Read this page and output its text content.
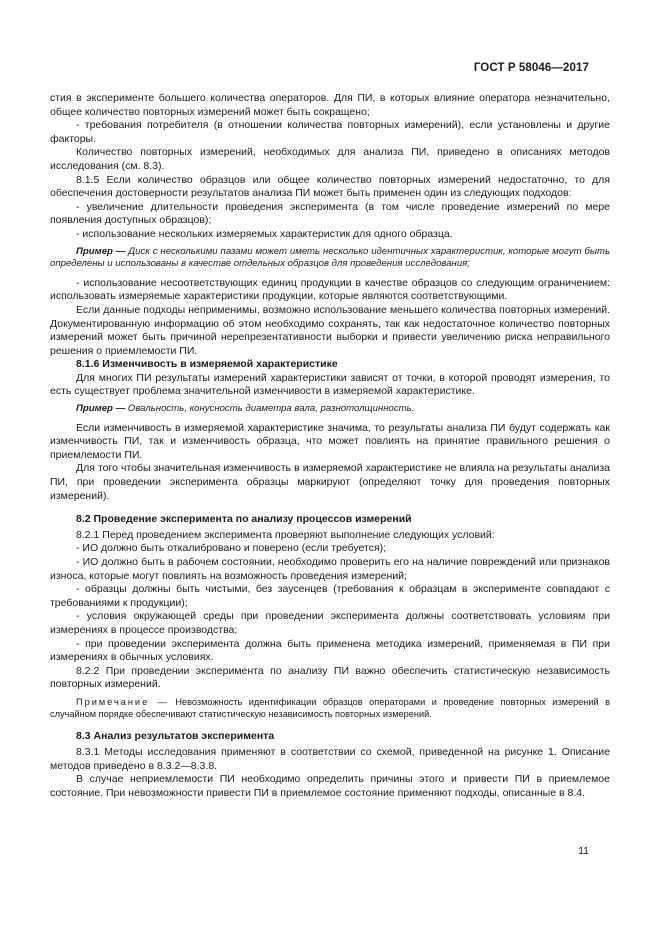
ГОСТ Р 58046—2017

стия в эксперименте большего количества операторов. Для ПИ, в которых влияние оператора незначительно, общее количество повторных измерений может быть сокращено;

- требования потребителя (в отношении количества повторных измерений), если установлены и другие факторы.

Количество повторных измерений, необходимых для анализа ПИ, приведено в описаниях методов исследования (см. 8.3).

8.1.5 Если количество образцов или общее количество повторных измерений недостаточно, то для обеспечения достоверности результатов анализа ПИ может быть применен один из следующих подходов:

- увеличение длительности проведения эксперимента (в том числе проведение измерений по мере появления доступных образцов);

- использование нескольких измеряемых характеристик для одного образца.

Пример — Диск с несколькими пазами может иметь несколько идентичных характеристик, которые могут быть определены и использованы в качестве отдельных образцов для проведения исследования;

- использование несоответствующих единиц продукции в качестве образцов со следующим ограничением: использовать измеряемые характеристики продукции, которые являются соответствующими.

Если данные подходы неприменимы, возможно использование меньшего количества повторных измерений. Документированную информацию об этом необходимо сохранять, так как недостаточное количество повторных измерений может быть причиной нерепрезентативности выборки и привести увеличению риска неправильного решения о приемлемости ПИ.

8.1.6 Изменчивость в измеряемой характеристике

Для многих ПИ результаты измерений характеристики зависят от точки, в которой проводят измерения, то есть существует проблема значительной изменчивости в измеряемой характеристике.

Пример — Овальность, конусность диаметра вала, разнотолщинность.

Если изменчивость в измеряемой характеристике значима, то результаты анализа ПИ будут содержать как изменчивость ПИ, так и изменчивость образца, что может повлиять на принятие правильного решения о приемлемости ПИ.

Для того чтобы значительная изменчивость в измеряемой характеристике не влияла на результаты анализа ПИ, при проведении эксперимента образцы маркируют (определяют точку для проведения повторных измерений).

8.2 Проведение эксперимента по анализу процессов измерений

8.2.1 Перед проведением эксперимента проверяют выполнение следующих условий:

- ИО должно быть откалибровано и поверено (если требуется);

- ИО должно быть в рабочем состоянии, необходимо проверить его на наличие повреждений или признаков износа, которые могут повлиять на возможность проведения измерений;

- образцы должны быть чистыми, без заусенцев (требования к образцам в эксперименте совпадают с требованиями к продукции);

- условия окружающей среды при проведении эксперимента должны соответствовать условиям при измерениях в процессе производства;

- при проведении эксперимента должна быть применена методика измерений, применяемая в ПИ при измерениях в обычных условиях.

8.2.2 При проведении эксперимента по анализу ПИ важно обеспечить статистическую независимость повторных измерений.

Примечание — Невозможность идентификации образцов операторами и проведение повторных измерений в случайном порядке обеспечивают статистическую независимость повторных измерений.

8.3 Анализ результатов эксперимента

8.3.1 Методы исследования применяют в соответствии со схемой, приведенной на рисунке 1. Описание методов приведено в 8.3.2—8.3.8.

В случае неприемлемости ПИ необходимо определить причины этого и привести ПИ в приемлемое состояние. При невозможности привести ПИ в приемлемое состояние применяют подходы, описанные в 8.4.

11
